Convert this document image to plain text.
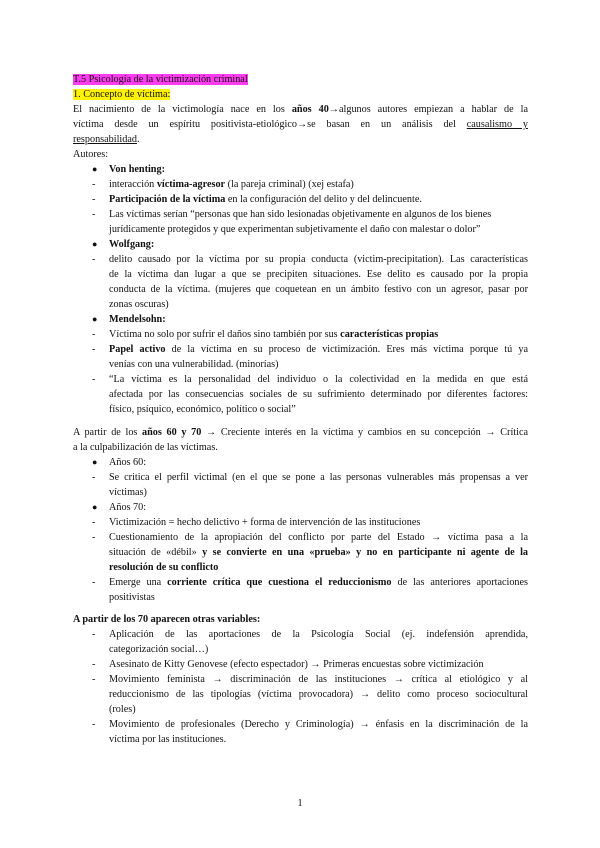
T.5 Psicología de la victimización criminal
1. Concepto de víctima:
El nacimiento de la victimología nace en los años 40→algunos autores empiezan a hablar de la
víctima desde un espíritu positivista-etiológico→se basan en un análisis del causalismo y
responsabilidad.
Autores:
● Von henting:
- interacción víctima-agresor (la pareja criminal) (xej estafa)
- Participación de la víctima en la configuración del delito y del delincuente.
- Las víctimas serían “personas que han sido lesionadas objetivamente en algunos de los bienes
jurídicamente protegidos y que experimentan subjetivamente el daño con malestar o dolor”
● Wolfgang:
- delito causado por la víctima por su propia conducta (victim-precipitation). Las características
de la víctima dan lugar a que se precipiten situaciones. Ese delito es causado por la propia
conducta de la víctima. (mujeres que coquetean en un ámbito festivo con un agresor, pasar por
zonas oscuras)
● Mendelsohn:
- Víctima no solo por sufrir el daños sino también por sus características propias
- Papel activo de la víctima en su proceso de victimización. Eres más víctima porque tú ya
venías con una vulnerabilidad. (minorías)
- “La víctima es la personalidad del individuo o la colectividad en la medida en que está
afectada por las consecuencias sociales de su sufrimiento determinado por diferentes factores:
físico, psíquico, económico, político o social”
A partir de los años 60 y 70 → Creciente interés en la víctima y cambios en su concepción → Crítica
a la culpabilización de las víctimas.
● Años 60:
- Se critica el perfil victimal (en el que se pone a las personas vulnerables más propensas a ver
víctimas)
● Años 70:
- Victimización = hecho delictivo + forma de intervención de las instituciones
- Cuestionamiento de la apropiación del conflicto por parte del Estado → víctima pasa a la
situación de «débil» y se convierte en una «prueba» y no en participante ni agente de la
resolución de su conflicto
- Emerge una corriente crítica que cuestiona el reduccionismo de las anteriores aportaciones
positivistas
A partir de los 70 aparecen otras variables:
- Aplicación de las aportaciones de la Psicología Social (ej. indefensión aprendida,
categorización social…)
- Asesinato de Kitty Genovese (efecto espectador) → Primeras encuestas sobre victimización
- Movimiento feminista → discriminación de las instituciones → crítica al etiológico y al
reduccionismo de las tipologías (víctima provocadora) → delito como proceso sociocultural
(roles)
- Movimiento de profesionales (Derecho y Criminología) → énfasis en la discriminación de la
víctima por las instituciones.
1
